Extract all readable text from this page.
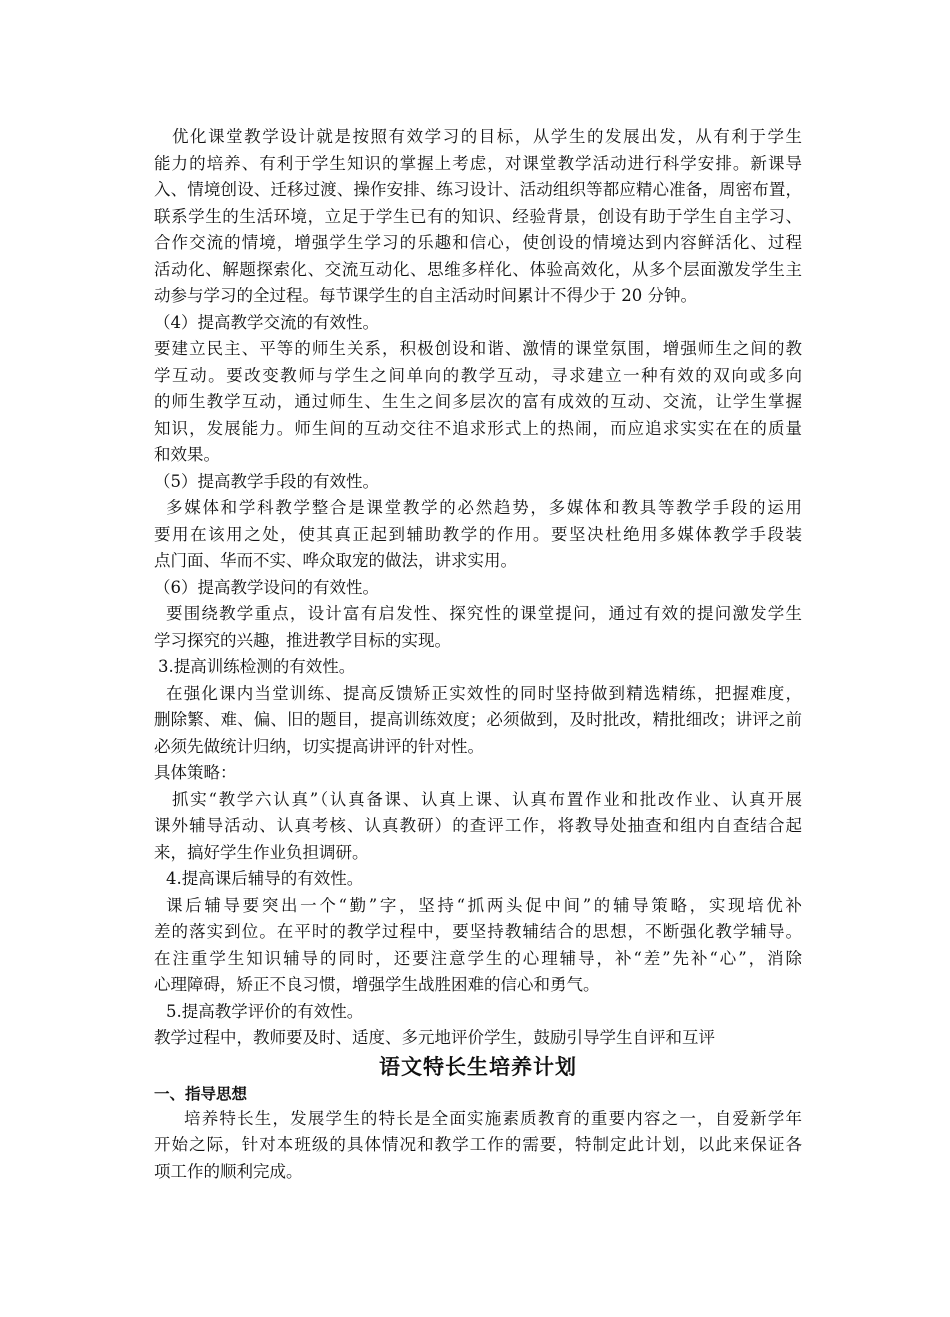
优化课堂教学设计就是按照有效学习的目标，从学生的发展出发，从有利于学生
能力的培养、有利于学生知识的掌握上考虑，对课堂教学活动进行科学安排。新课导
入、情境创设、迁移过渡、操作安排、练习设计、活动组织等都应精心准备，周密布置，
联系学生的生活环境，立足于学生已有的知识、经验背景，创设有助于学生自主学习、
合作交流的情境，增强学生学习的乐趣和信心，使创设的情境达到内容鲜活化、过程
活动化、解题探索化、交流互动化、思维多样化、体验高效化，从多个层面激发学生主
动参与学习的全过程。每节课学生的自主活动时间累计不得少于 20 分钟。
（4）提高教学交流的有效性。
要建立民主、平等的师生关系，积极创设和谐、激情的课堂氛围，增强师生之间的教
学互动。要改变教师与学生之间单向的教学互动，寻求建立一种有效的双向或多向
的师生教学互动，通过师生、生生之间多层次的富有成效的互动、交流，让学生掌握
知识，发展能力。师生间的互动交往不追求形式上的热闹，而应追求实实在在的质量
和效果。
（5）提高教学手段的有效性。
多媒体和学科教学整合是课堂教学的必然趋势，多媒体和教具等教学手段的运用
要用在该用之处，使其真正起到辅助教学的作用。要坚决杜绝用多媒体教学手段装
点门面、华而不实、哗众取宠的做法，讲求实用。
（6）提高教学设问的有效性。
要围绕教学重点，设计富有启发性、探究性的课堂提问，通过有效的提问激发学生
学习探究的兴趣，推进教学目标的实现。
3.提高训练检测的有效性。
在强化课内当堂训练、提高反馈矫正实效性的同时坚持做到精选精练，把握难度，
删除繁、难、偏、旧的题目，提高训练效度；必须做到，及时批改，精批细改；讲评之前
必须先做统计归纳，切实提高讲评的针对性。
具体策略：
抓实“教学六认真”（认真备课、认真上课、认真布置作业和批改作业、认真开展
课外辅导活动、认真考核、认真教研）的查评工作，将教导处抽查和组内自查结合起
来，搞好学生作业负担调研。
4.提高课后辅导的有效性。
课后辅导要突出一个“勤”字，坚持“抓两头促中间”的辅导策略，实现培优补
差的落实到位。在平时的教学过程中，要坚持教辅结合的思想，不断强化教学辅导。
在注重学生知识辅导的同时，还要注意学生的心理辅导，补“差”先补“心”，消除
心理障碍，矫正不良习惯，增强学生战胜困难的信心和勇气。
5.提高教学评价的有效性。
教学过程中，教师要及时、适度、多元地评价学生，鼓励引导学生自评和互评
语文特长生培养计划
一、指导思想
培养特长生，发展学生的特长是全面实施素质教育的重要内容之一，自爱新学年
开始之际，针对本班级的具体情况和教学工作的需要，特制定此计划，以此来保证各
项工作的顺利完成。
